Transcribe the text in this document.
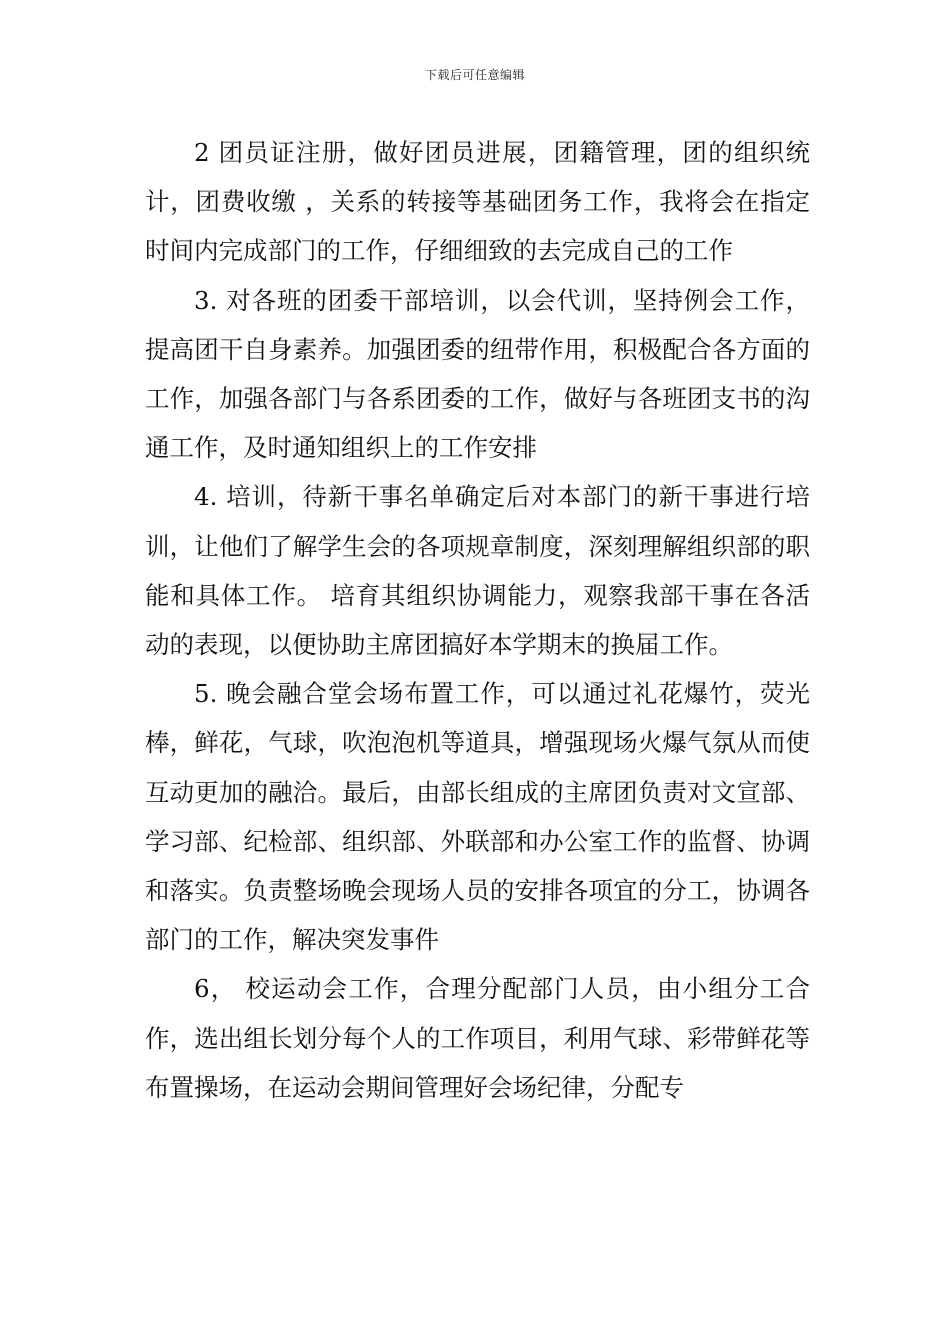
下载后可任意编辑

2 团员证注册，做好团员进展，团籍管理，团的组织统计，团费收缴 ，关系的转接等基础团务工作，我将会在指定时间内完成部门的工作，仔细细致的去完成自己的工作

3. 对各班的团委干部培训，以会代训，坚持例会工作，提高团干自身素养。加强团委的纽带作用，积极配合各方面的工作，加强各部门与各系团委的工作，做好与各班团支书的沟通工作，及时通知组织上的工作安排

4. 培训，待新干事名单确定后对本部门的新干事进行培训，让他们了解学生会的各项规章制度，深刻理解组织部的职能和具体工作。 培育其组织协调能力，观察我部干事在各活动的表现，以便协助主席团搞好本学期末的换届工作。

5. 晚会融合堂会场布置工作，可以通过礼花爆竹，荧光棒，鲜花，气球，吹泡泡机等道具，增强现场火爆气氛从而使互动更加的融洽。最后，由部长组成的主席团负责对文宣部、学习部、纪检部、组织部、外联部和办公室工作的监督、协调和落实。负责整场晚会现场人员的安排各项宜的分工，协调各部门的工作，解决突发事件

6， 校运动会工作，合理分配部门人员，由小组分工合作，选出组长划分每个人的工作项目，利用气球、彩带鲜花等布置操场，在运动会期间管理好会场纪律，分配专
